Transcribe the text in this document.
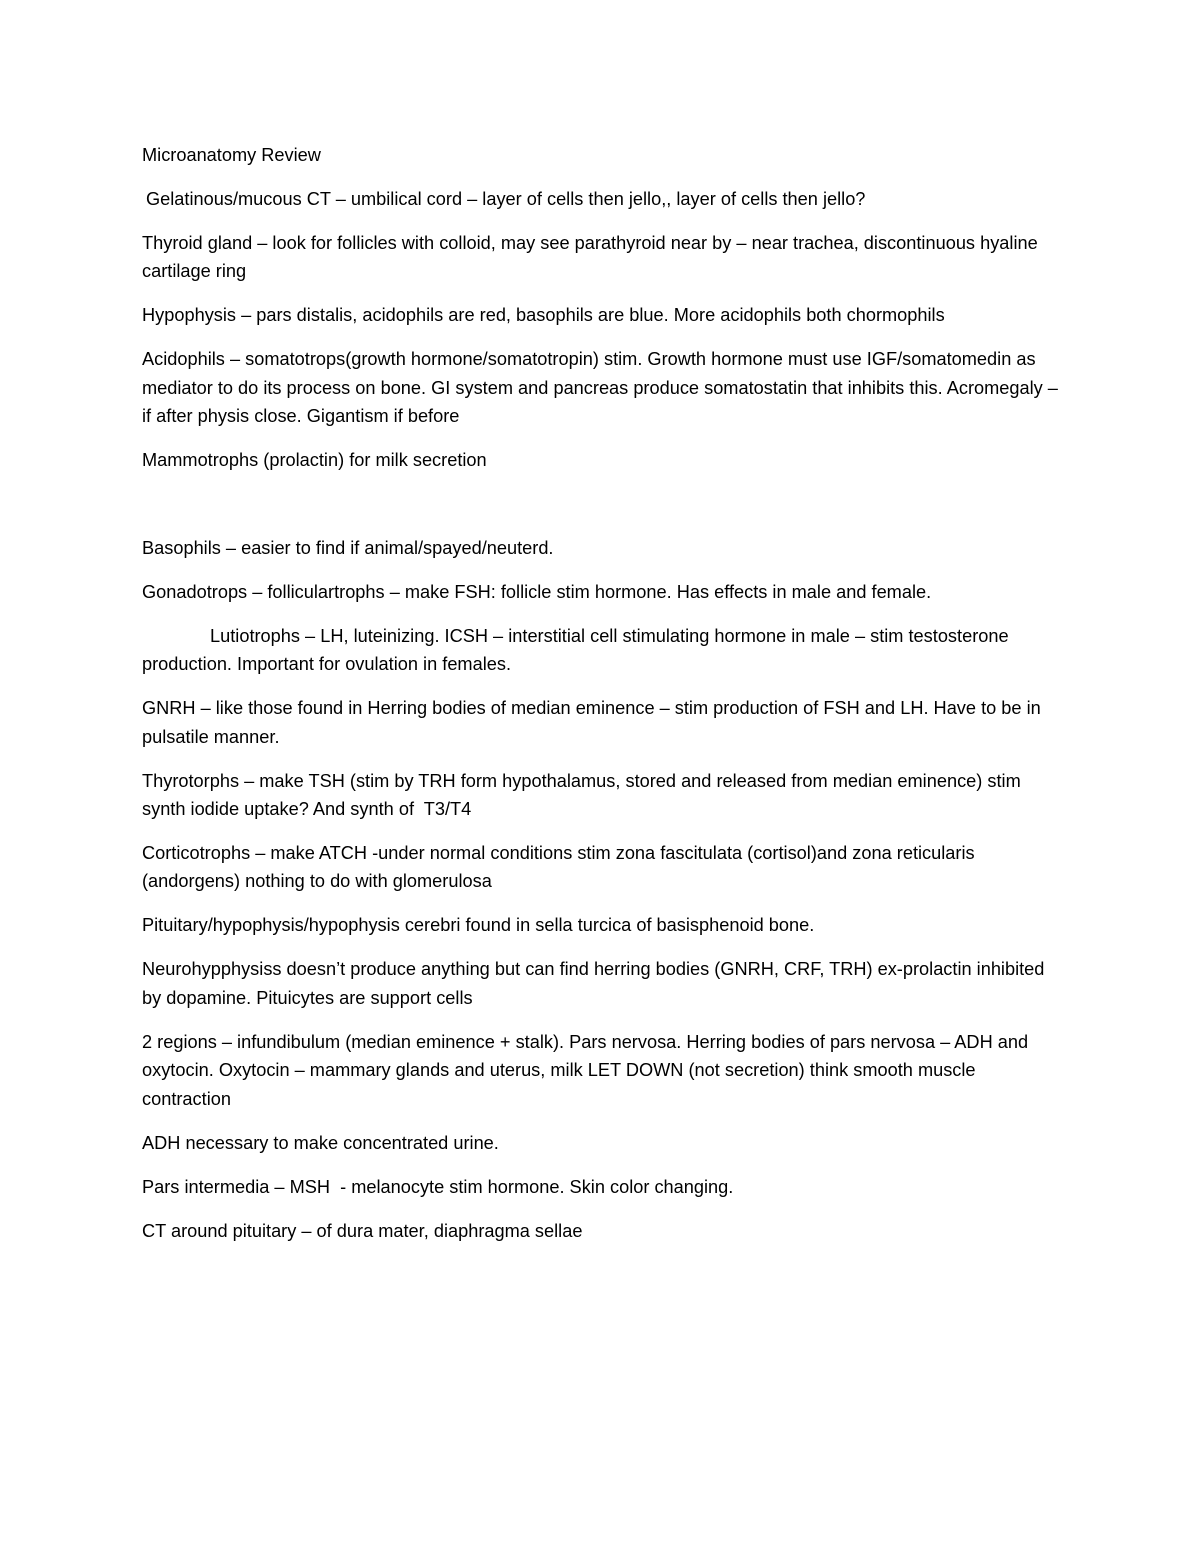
Microanatomy Review

Gelatinous/mucous CT – umbilical cord – layer of cells then jello,, layer of cells then jello?

Thyroid gland – look for follicles with colloid, may see parathyroid near by – near trachea, discontinuous hyaline cartilage ring

Hypophysis – pars distalis, acidophils are red, basophils are blue. More acidophils both chormophils

Acidophils – somatotrops(growth hormone/somatotropin) stim. Growth hormone must use IGF/somatomedin as mediator to do its process on bone. GI system and pancreas produce somatostatin that inhibits this. Acromegaly – if after physis close. Gigantism if before

Mammotrophs (prolactin) for milk secretion

Basophils – easier to find if animal/spayed/neuterd.

Gonadotrops – folliculartrophs – make FSH: follicle stim hormone. Has effects in male and female.

Lutiotrophs – LH, luteinizing. ICSH – interstitial cell stimulating hormone in male – stim testosterone production. Important for ovulation in females.

GNRH – like those found in Herring bodies of median eminence – stim production of FSH and LH. Have to be in pulsatile manner.

Thyrotorphs – make TSH (stim by TRH form hypothalamus, stored and released from median eminence) stim synth iodide uptake? And synth of  T3/T4

Corticotrophs – make ATCH -under normal conditions stim zona fascitulata (cortisol)and zona reticularis (andorgens) nothing to do with glomerulosa

Pituitary/hypophysis/hypophysis cerebri found in sella turcica of basisphenoid bone.

Neurohypphysiss doesn’t produce anything but can find herring bodies (GNRH, CRF, TRH) ex-prolactin inhibited by dopamine. Pituicytes are support cells

2 regions – infundibulum (median eminence + stalk). Pars nervosa. Herring bodies of pars nervosa – ADH and oxytocin. Oxytocin – mammary glands and uterus, milk LET DOWN (not secretion) think smooth muscle contraction

ADH necessary to make concentrated urine.

Pars intermedia – MSH  - melanocyte stim hormone. Skin color changing.

CT around pituitary – of dura mater, diaphragma sellae
